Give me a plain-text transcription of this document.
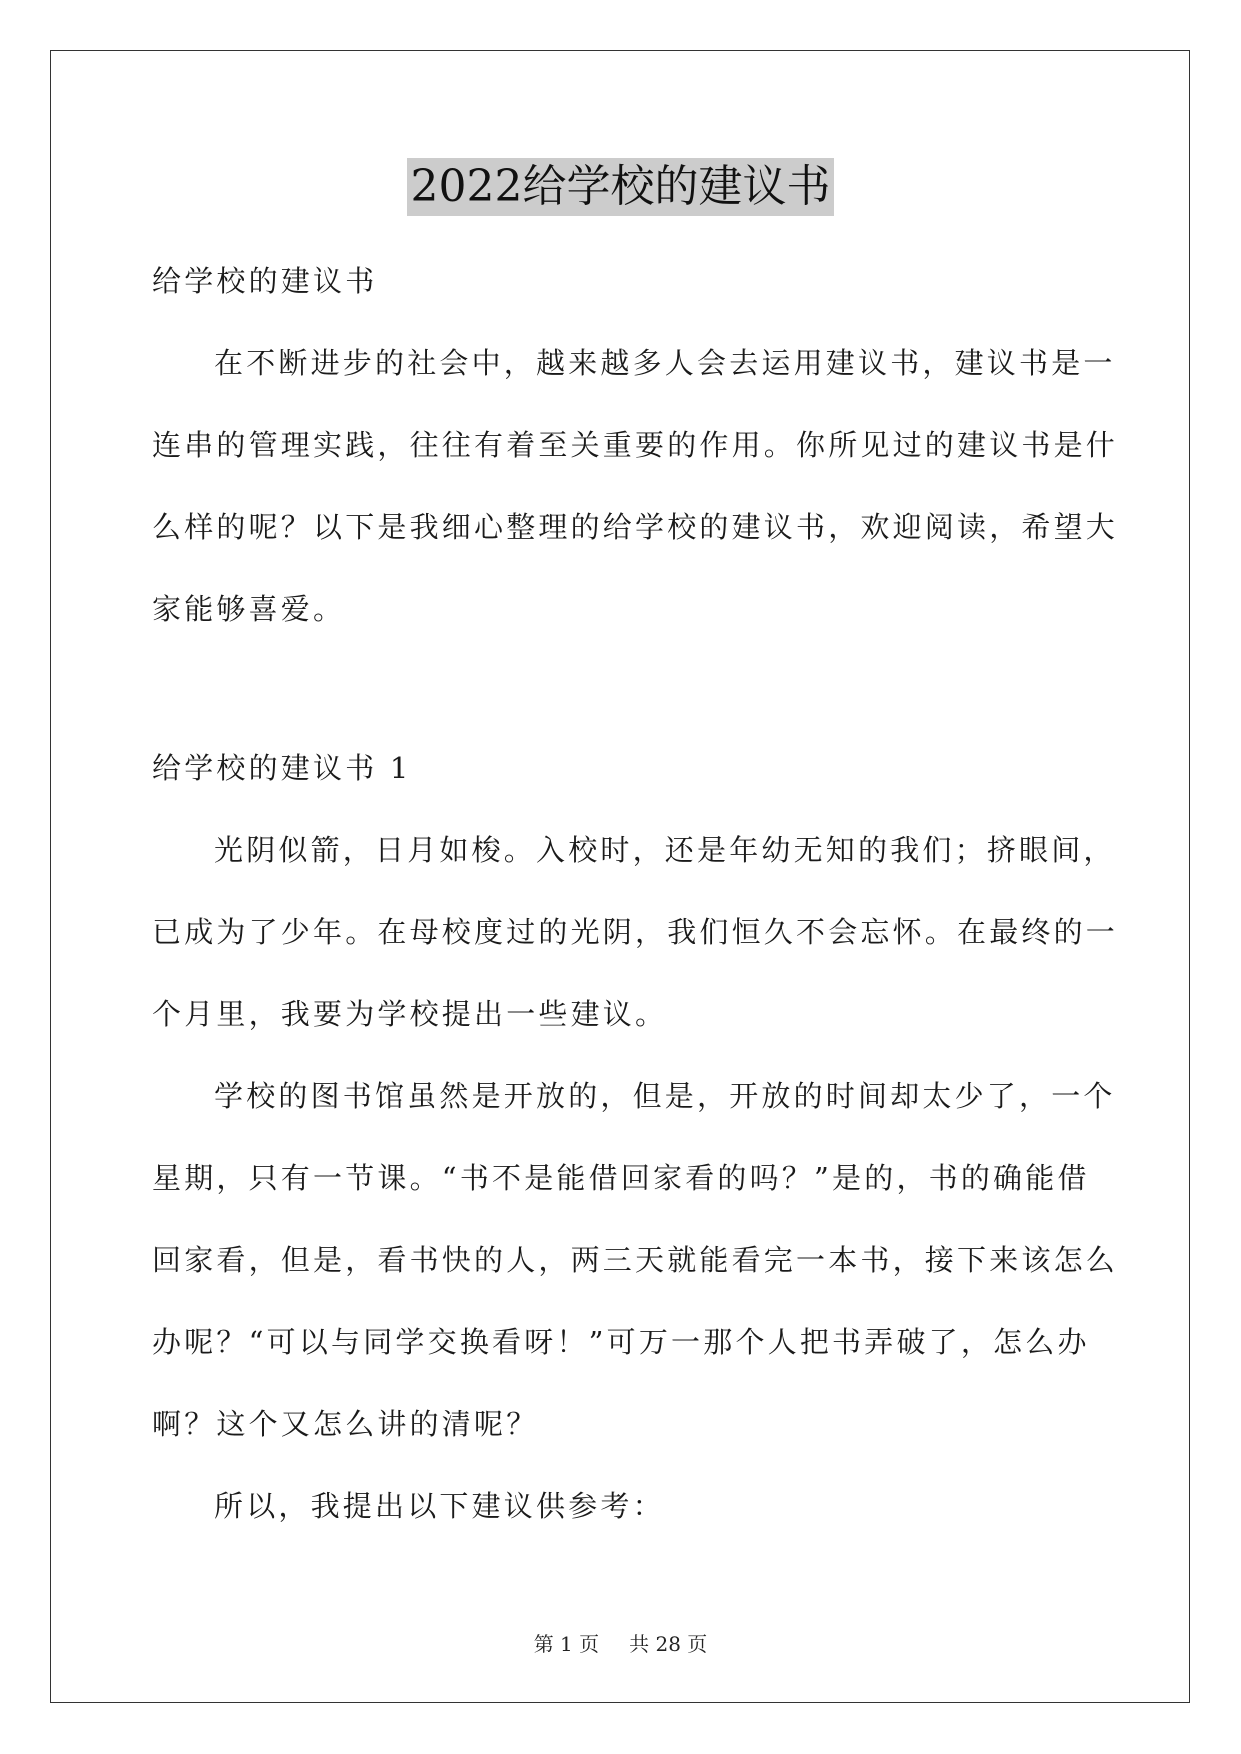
2022给学校的建议书
给学校的建议书
在不断进步的社会中，越来越多人会去运用建议书，建议书是一
连串的管理实践，往往有着至关重要的作用。你所见过的建议书是什
么样的呢？以下是我细心整理的给学校的建议书，欢迎阅读，希望大
家能够喜爱。
给学校的建议书 1
光阴似箭，日月如梭。入校时，还是年幼无知的我们；挤眼间，
已成为了少年。在母校度过的光阴，我们恒久不会忘怀。在最终的一
个月里，我要为学校提出一些建议。
学校的图书馆虽然是开放的，但是，开放的时间却太少了，一个
星期，只有一节课。“书不是能借回家看的吗？”是的，书的确能借
回家看，但是，看书快的人，两三天就能看完一本书，接下来该怎么
办呢？“可以与同学交换看呀！”可万一那个人把书弄破了，怎么办
啊？这个又怎么讲的清呢？
所以，我提出以下建议供参考：
第 1 页 共 28 页
